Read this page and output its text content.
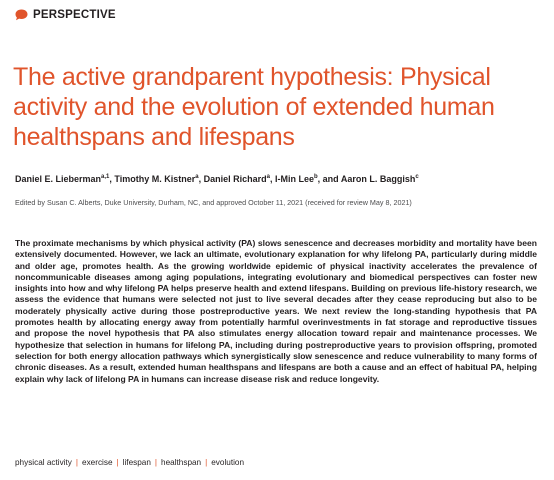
PERSPECTIVE
The active grandparent hypothesis: Physical activity and the evolution of extended human healthspans and lifespans
Daniel E. Lieberman$^{a,1}$, Timothy M. Kistner$^a$, Daniel Richard$^a$, I-Min Lee$^b$, and Aaron L. Baggish$^c$
Edited by Susan C. Alberts, Duke University, Durham, NC, and approved October 11, 2021 (received for review May 8, 2021)

The proximate mechanisms by which physical activity (PA) slows senescence and decreases morbidity and mortality have been extensively documented. However, we lack an ultimate, evolutionary explanation for why lifelong PA, particularly during middle and older age, promotes health. As the growing worldwide epidemic of physical inactivity accelerates the prevalence of noncommunicable diseases among aging populations, integrating evolutionary and biomedical perspectives can foster new insights into how and why lifelong PA helps preserve health and extend lifespans. Building on previous life-history research, we assess the evidence that humans were selected not just to live several decades after they cease reproducing but also to be moderately physically active during those postreproductive years. We next review the long-standing hypothesis that PA promotes health by allocating energy away from potentially harmful overinvestments in fat storage and reproductive tissues and propose the novel hypothesis that PA also stimulates energy allocation toward repair and maintenance processes. We hypothesize that selection in humans for lifelong PA, including during postreproductive years to provision offspring, promoted selection for both energy allocation pathways which synergistically slow senescence and reduce vulnerability to many forms of chronic diseases. As a result, extended human healthspans and lifespans are both a cause and an effect of habitual PA, helping explain why lack of lifelong PA in humans can increase disease risk and reduce longevity.

physical activity | exercise | lifespan | healthspan | evolution
